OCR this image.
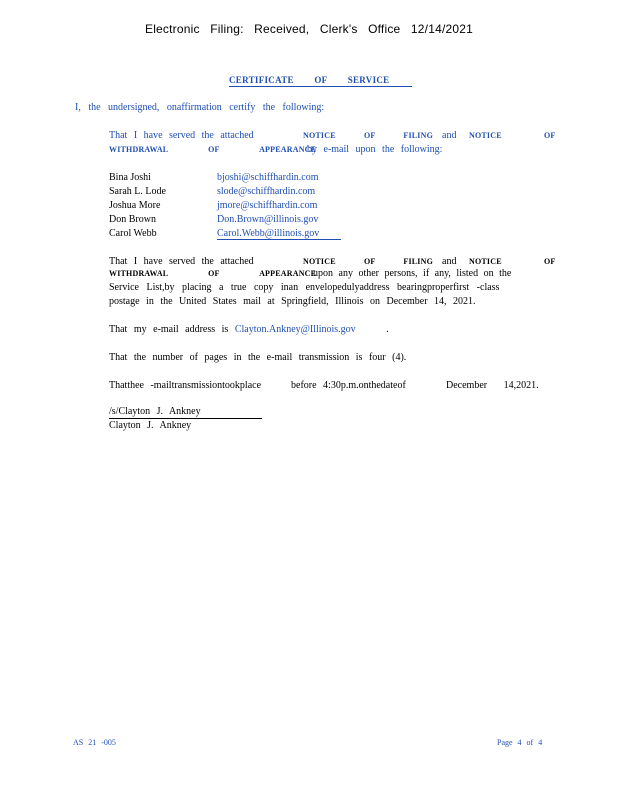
Electronic Filing: Received, Clerk's Office 12/14/2021
CERTIFICATE OF SERVICE
I, the undersigned, onaffirmation certify the following:
That I have served the attached	NOTICE OF FILING and NOTICE OF
WITHDRAWAL OF APPEARANCE
by e-mail upon the following:
Bina Joshi	bjoshi@schiffhardin.com
Sarah L. Lode	slode@schiffhardin.com
Joshua More	jmore@schiffhardin.com
Don Brown	Don.Brown@illinois.gov
Carol Webb	Carol.Webb@illinois.gov
That I have served the attached	NOTICE OF FILING and NOTICE OF
WITHDRAWAL OF APPEARANCE
upon any other persons, if any, listed on the
Service List,by placing a true copy inan envelopedulyaddress bearingproperfirst -class
postage in the United States mail at Springfield, Illinois on December 14, 2021.
That my e-mail address is Clayton.Ankney@Illinois.gov	.
That the number of pages in the e-mail transmission is four (4).
Thatthee -mailtransmissiontookplace	before 4:30p.m.onthedateof	December 14,2021.
/s/Clayton J. Ankney
Clayton J. Ankney
AS 21 -005	Page 4 of 4
